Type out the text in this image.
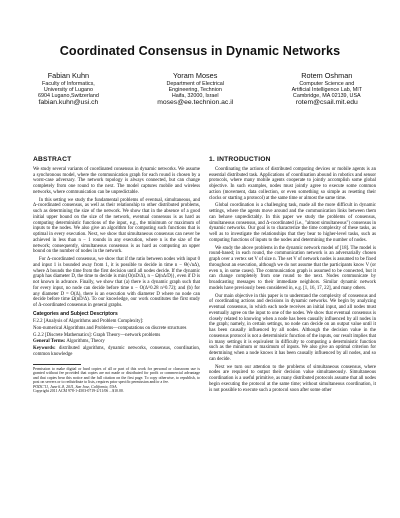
Coordinated Consensus in Dynamic Networks
Fabian Kuhn
Faculty of Informatics,
University of Lugano
6904 Lugano,Switzerland
fabian.kuhn@usi.ch
Yoram Moses
Department of Electrical
Engineering, Technion
Haifa, 32000, Israel
moses@ee.technion.ac.il
Rotem Oshman
Computer Science and
Artificial Intelligence Lab, MIT
Cambridge, MA 02139, USA
rotem@csail.mit.edu
ABSTRACT

We study several variants of coordinated consensus in dynamic networks. We assume a synchronous model, where the communication graph for each round is chosen by a worst-case adversary. The network topology is always connected, but can change completely from one round to the next. The model captures mobile and wireless networks, where communication can be unpredictable.

In this setting we study the fundamental problems of eventual, simultaneous, and Δ-coordinated consensus, as well as their relationship to other distributed problems, such as determining the size of the network. We show that in the absence of a good initial upper bound on the size of the network, eventual consensus is as hard as computing deterministic functions of the input, e.g., the minimum or maximum of inputs to the nodes. We also give an algorithm for computing such functions that is optimal in every execution. Next, we show that simultaneous consensus can never be achieved in less than n − 1 rounds in any execution, where n is the size of the network; consequently, simultaneous consensus is as hard as computing an upper bound on the number of nodes in the network.

For Δ-coordinated consensus, we show that if the ratio between nodes with input 0 and input 1 is bounded away from 1, it is possible to decide in time n − Θ(√nΔ), where Δ bounds the time from the first decision until all nodes decide. If the dynamic graph has diameter D, the time to decide is min{O(nD/Δ), n − Ω(nΔ/D)}, even if D is not known in advance. Finally, we show that (a) there is a dynamic graph such that for every input, no node can decide before time n − O(Δ^0.28 n^0.72); and (b) for any diameter D = O(Δ), there is an execution with diameter D where no node can decide before time Ω(nD/Δ). To our knowledge, our work constitutes the first study of Δ-coordinated consensus in general graphs.

Categories and Subject Descriptors
F.2.2 [Analysis of Algorithms and Problem Complexity]:
Non-numerical Algorithms and Problems—computations on discrete structures
G.2.2 [Discrete Mathematics]: Graph Theory—network problems
General Terms: Algorithms, Theory
Keywords: distributed algorithms, dynamic networks, consensus, coordination, common knowledge
Permission to make digital or hard copies of all or part of this work for personal or classroom use is granted without fee provided that copies are not made or distributed for profit or commercial advantage and that copies bear this notice and the full citation on the first page. To copy otherwise, to republish, to post on servers or to redistribute to lists, requires prior specific permission and/or a fee.
PODC'11, June 6–8, 2011, San Jose, California, USA.
Copyright 2011 ACM 978-1-4503-0719-2/11/06 ...$10.00.
1. INTRODUCTION

Coordinating the actions of distributed computing devices or mobile agents is an essential distributed task. Applications of coordination abound in robotics and sensor protocols, where many mobile agents cooperate to jointly accomplish some global objective. In such examples, nodes must jointly agree to execute some common action (movement, data collection, or even something so simple as resetting their clocks or starting a protocol) at the same time or almost the same time.

Global coordination is a challenging task, made all the more difficult in dynamic settings, where the agents move around and the communication links between them can behave unpredictably. In this paper we study the problems of consensus, simultaneous consensus, and Δ-coordinated (i.e., "almost simultaneous") consensus in dynamic networks. Our goal is to characterize the time complexity of these tasks, as well as to investigate the relationships that they bear to higher-level tasks, such as computing functions of inputs to the nodes and determining the number of nodes.

We study the above problems in the dynamic network model of [18]. The model is round-based; in each round, the communication network is an adversarially chosen graph over a vertex set V of size n. The set V of network nodes is assumed to be fixed throughout an execution, although we do not assume that the participants know V (or even n, in some cases). The communication graph is assumed to be connected, but it can change completely from one round to the next. Nodes communicate by broadcasting messages to their immediate neighbors. Similar dynamic network models have previously been considered in, e.g. [1, 16, 17, 22], and many others.

Our main objective in this paper is to understand the complexity of consensus and of coordinating actions and decisions in dynamic networks. We begin by analyzing eventual consensus, in which each node receives an initial input, and all nodes must eventually agree on the input to one of the nodes. We show that eventual consensus is closely related to knowing when a node has been causally influenced by all nodes in the graph; namely, in certain settings, no node can decide on an output value until it has been causally influenced by all nodes. Although the decision value in the consensus protocol is not a deterministic function of the inputs, our result implies that in many settings it is equivalent in difficulty to computing a deterministic function such as the minimum or maximum of inputs. We also give an optimal criterion for determining when a node knows it has been causally influenced by all nodes, and so can decide.

Next we turn our attention to the problems of simultaneous consensus, where nodes are required to output their decision value simultaneously. Simultaneous coordination is a useful primitive, as many distributed protocols assume that all nodes begin executing the protocol at the same time; without simultaneous coordination, it is not possible to execute such a protocol soon after some other
